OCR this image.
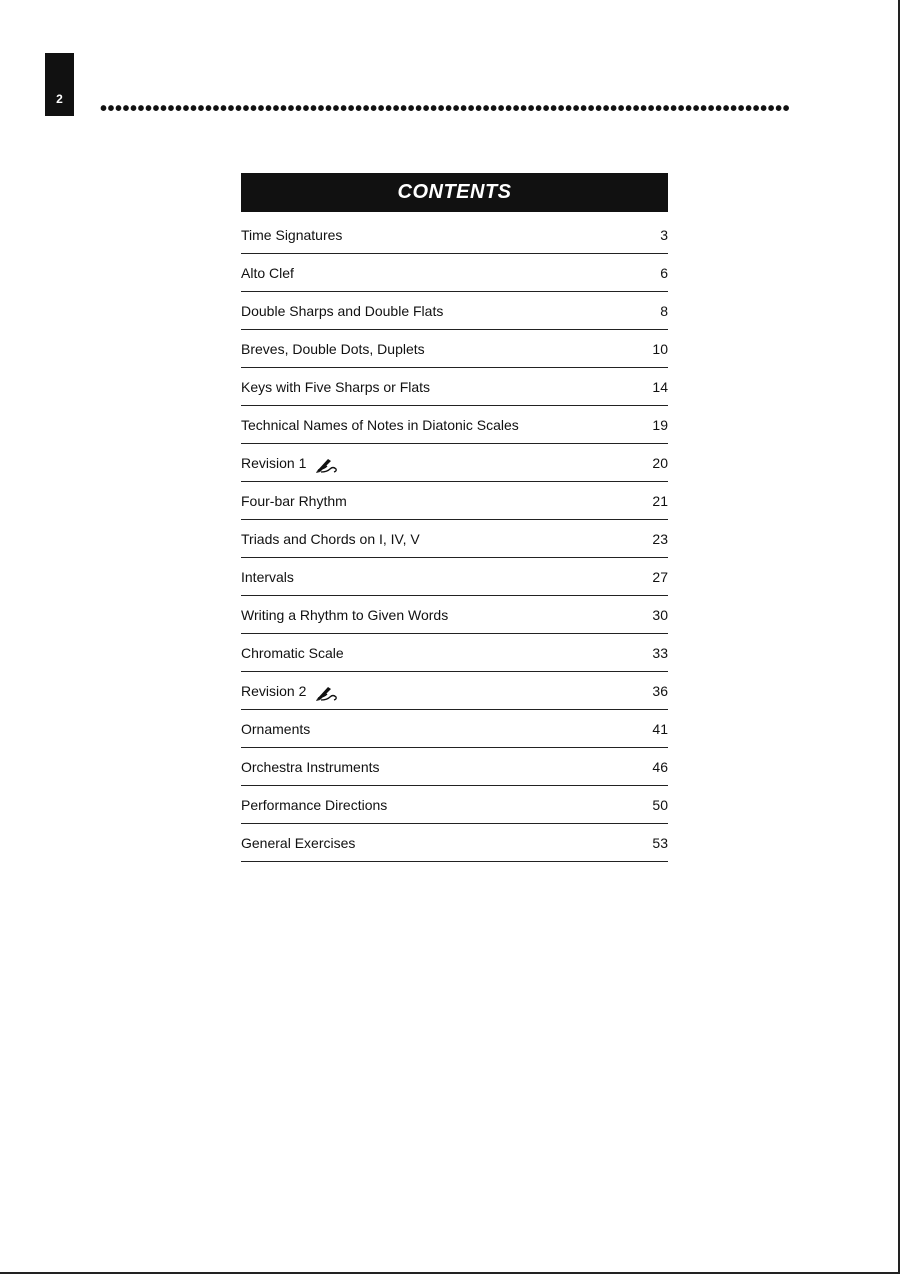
2	••••••••••••••••••••••••••••••••••••••••••••••••••••••••••••••••••••••••••••••••••••••••••••
CONTENTS
Time Signatures	3
Alto Clef	6
Double Sharps and Double Flats	8
Breves, Double Dots, Duplets	10
Keys with Five Sharps or Flats	14
Technical Names of Notes in Diatonic Scales	19
Revision 1	20
Four-bar Rhythm	21
Triads and Chords on I, IV, V	23
Intervals	27
Writing a Rhythm to Given Words	30
Chromatic Scale	33
Revision 2	36
Ornaments	41
Orchestra Instruments	46
Performance Directions	50
General Exercises	53
